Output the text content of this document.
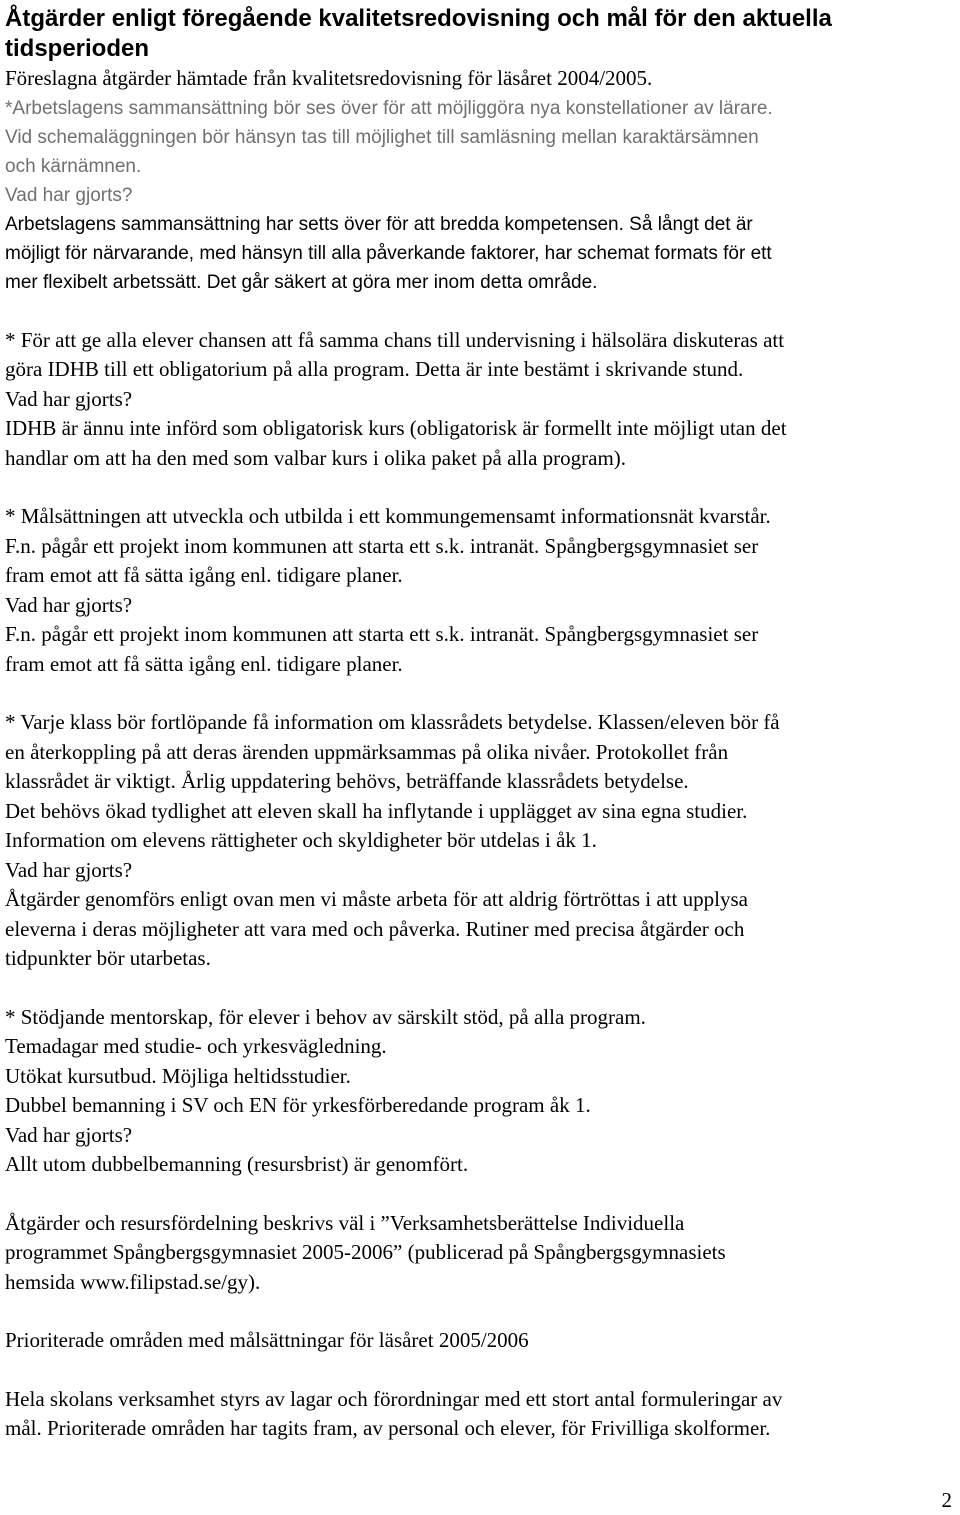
Åtgärder enligt föregående kvalitetsredovisning och mål för den aktuella
tidsperioden

Föreslagna åtgärder hämtade från kvalitetsredovisning för läsåret 2004/2005.

*Arbetslagens sammansättning bör ses över för att möjliggöra nya konstellationer av lärare.
Vid schemaläggningen bör hänsyn tas till möjlighet till samläsning mellan karaktärsämnen
och kärnämnen.

Vad har gjorts?

Arbetslagens sammansättning har setts över för att bredda kompetensen. Så långt det är
möjligt för närvarande, med hänsyn till alla påverkande faktorer, har schemat formats för ett
mer flexibelt arbetssätt. Det går säkert at göra mer inom detta område.

* För att ge alla elever chansen att få samma chans till undervisning i hälsolära diskuteras att
göra IDHB till ett obligatorium på alla program. Detta är inte bestämt i skrivande stund.

Vad har gjorts?

IDHB är ännu inte införd som obligatorisk kurs (obligatorisk är formellt inte möjligt utan det
handlar om att ha den med som valbar kurs i olika paket på alla program).

* Målsättningen att utveckla och utbilda i ett kommungemensamt informationsnät kvarstår.
F.n. pågår ett projekt inom kommunen att starta ett s.k. intranät. Spångbergsgymnasiet ser
fram emot att få sätta igång enl. tidigare planer.

Vad har gjorts?

F.n. pågår ett projekt inom kommunen att starta ett s.k. intranät. Spångbergsgymnasiet ser
fram emot att få sätta igång enl. tidigare planer.

* Varje klass bör fortlöpande få information om klassrådets betydelse. Klassen/eleven bör få
en återkoppling på att deras ärenden uppmärksammas på olika nivåer. Protokollet från
klassrådet är viktigt. Årlig uppdatering behövs, beträffande klassrådets betydelse.
Det behövs ökad tydlighet att eleven skall ha inflytande i upplägget av sina egna studier.
Information om elevens rättigheter och skyldigheter bör utdelas i åk 1.

Vad har gjorts?

Åtgärder genomförs enligt ovan men vi måste arbeta för att aldrig förtröttas i att upplysa
eleverna i deras möjligheter att vara med och påverka. Rutiner med precisa åtgärder och
tidpunkter bör utarbetas.

* Stödjande mentorskap, för elever i behov av särskilt stöd, på alla program.
Temadagar med studie- och yrkesvägledning.
Utökat kursutbud. Möjliga heltidsstudier.
Dubbel bemanning i SV och EN för yrkesförberedande program åk 1.

Vad har gjorts?

Allt utom dubbelbemanning (resursbrist) är genomfört.

Åtgärder och resursfördelning beskrivs väl i ”Verksamhetsberättelse Individuella
programmet Spångbergsgymnasiet 2005-2006” (publicerad på Spångbergsgymnasiets
hemsida www.filipstad.se/gy).

Prioriterade områden med målsättningar för läsåret 2005/2006

Hela skolans verksamhet styrs av lagar och förordningar med ett stort antal formuleringar av
mål. Prioriterade områden har tagits fram, av personal och elever, för Frivilliga skolformer.

2
